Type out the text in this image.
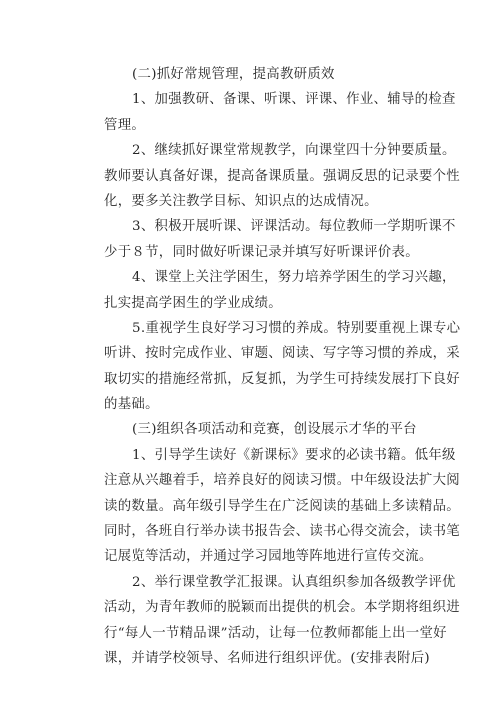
(二)抓好常规管理，提高教研质效
1、加强教研、备课、听课、评课、作业、辅导的检查
管理。
2、继续抓好课堂常规教学，向课堂四十分钟要质量。
教师要认真备好课，提高备课质量。强调反思的记录要个性
化，要多关注教学目标、知识点的达成情况。
3、积极开展听课、评课活动。每位教师一学期听课不
少于８节，同时做好听课记录并填写好听课评价表。
4、课堂上关注学困生，努力培养学困生的学习兴趣，
扎实提高学困生的学业成绩。
5.重视学生良好学习习惯的养成。特别要重视上课专心
听讲、按时完成作业、审题、阅读、写字等习惯的养成，采
取切实的措施经常抓，反复抓，为学生可持续发展打下良好
的基础。
(三)组织各项活动和竞赛，创设展示才华的平台
1、引导学生读好《新课标》要求的必读书籍。低年级
注意从兴趣着手，培养良好的阅读习惯。中年级设法扩大阅
读的数量。高年级引导学生在广泛阅读的基础上多读精品。
同时，各班自行举办读书报告会、读书心得交流会，读书笔
记展览等活动，并通过学习园地等阵地进行宣传交流。
2、举行课堂教学汇报课。认真组织参加各级教学评优
活动，为青年教师的脱颖而出提供的机会。本学期将组织进
行“每人一节精品课”活动，让每一位教师都能上出一堂好
课，并请学校领导、名师进行组织评优。(安排表附后)
